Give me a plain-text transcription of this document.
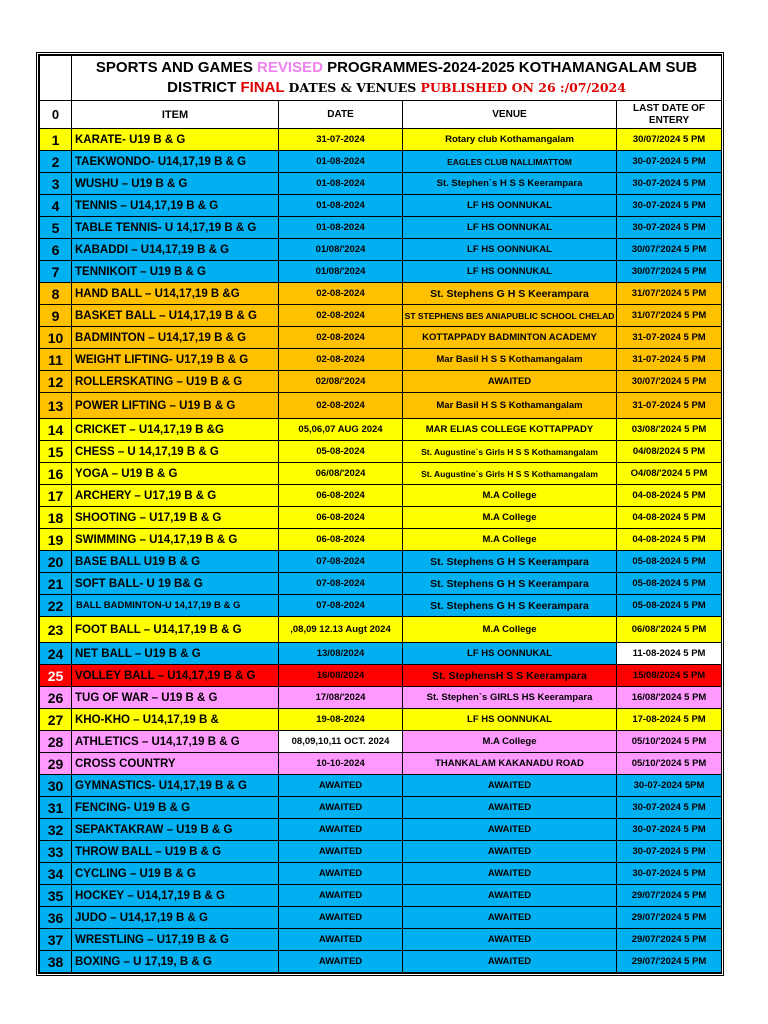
	SPORTS AND GAMES REVISED PROGRAMMES-2024-2025 KOTHAMANGALAM SUB
DISTRICT FINAL DATES & VENUES PUBLISHED ON 26 :/07/2024			
0	ITEM	DATE	VENUE	LAST DATE OF ENTERY
1	KARATE- U19 B & G	31-07-2024	Rotary club Kothamangalam	30/07/2024 5 PM
2	TAEKWONDO- U14,17,19 B & G	01-08-2024	EAGLES CLUB NALLIMATTOM	30-07-2024 5 PM
3	WUSHU – U19 B & G	01-08-2024	St. Stephen`s H S S Keerampara	30-07-2024 5 PM
4	TENNIS – U14,17,19 B & G	01-08-2024	LF HS OONNUKAL	30-07-2024 5 PM
5	TABLE TENNIS- U 14,17,19 B & G	01-08-2024	LF HS OONNUKAL	30-07-2024 5 PM
6	KABADDI – U14,17,19 B & G	01/08/'2024	LF HS OONNUKAL	30/07/'2024 5 PM
7	TENNIKOIT – U19 B & G	01/08/'2024	LF HS OONNUKAL	30/07/'2024 5 PM
8	HAND BALL – U14,17,19 B &G	02-08-2024	St. Stephens G H S Keerampara	31/07/'2024 5 PM
9	BASKET BALL – U14,17,19 B & G	02-08-2024	ST STEPHENS BES ANIAPUBLIC SCHOOL CHELAD	31/07/'2024 5 PM
10	BADMINTON – U14,17,19 B & G	02-08-2024	KOTTAPPADY BADMINTON ACADEMY	31-07-2024 5 PM
11	WEIGHT LIFTING- U17,19 B & G	02-08-2024	Mar Basil H S S Kothamangalam	31-07-2024 5 PM
12	ROLLERSKATING – U19 B & G	02/08/'2024	AWAITED	30/07/'2024 5 PM
13	POWER LIFTING – U19 B & G	02-08-2024	Mar Basil H S S Kothamangalam	31-07-2024 5 PM
14	CRICKET – U14,17,19 B &G	05,06,07 AUG 2024	MAR ELIAS COLLEGE KOTTAPPADY	03/08/'2024 5 PM
15	CHESS – U 14,17,19 B & G	05-08-2024	St. Augustine`s Girls H S S Kothamangalam	04/08/2024 5 PM
16	YOGA – U19 B & G	06/08/'2024	St. Augustine`s Girls H S S Kothamangalam	O4/08/'2024 5 PM
17	ARCHERY – U17,19 B & G	06-08-2024	M.A College	04-08-2024 5 PM
18	SHOOTING – U17,19 B & G	06-08-2024	M.A College	04-08-2024 5 PM
19	SWIMMING – U14,17,19 B & G	06-08-2024	M.A College	04-08-2024 5 PM
20	BASE BALL U19 B & G	07-08-2024	St. Stephens G H S Keerampara	05-08-2024 5 PM
21	SOFT BALL- U 19 B& G	07-08-2024	St. Stephens G H S Keerampara	05-08-2024 5 PM
22	BALL BADMINTON-U 14,17,19 B & G	07-08-2024	St. Stephens G H S Keerampara	05-08-2024 5 PM
23	FOOT BALL – U14,17,19 B & G	,08,09 12.13 Augt 2024	M.A College	06/08/'2024 5 PM
24	NET BALL – U19 B & G	13/08/2024	LF HS OONNUKAL	11-08-2024 5 PM
25	VOLLEY BALL – U14,17,19 B & G	16/08/2024	St. StephensH S S Keerampara	15/08/2024 5 PM
26	TUG OF WAR – U19 B & G	17/08/'2024	St. Stephen`s GIRLS HS Keerampara	16/08/'2024 5 PM
27	KHO-KHO – U14,17,19 B &	19-08-2024	LF HS OONNUKAL	17-08-2024 5 PM
28	ATHLETICS – U14,17,19 B & G	08,09,10,11 OCT. 2024	M.A College	05/10/'2024 5 PM
29	CROSS COUNTRY	10-10-2024	THANKALAM KAKANADU ROAD	05/10/'2024 5 PM
30	GYMNASTICS- U14,17,19 B & G	AWAITED	AWAITED	30-07-2024 5PM
31	FENCING- U19 B & G	AWAITED	AWAITED	30-07-2024 5 PM
32	SEPAKTAKRAW – U19 B & G	AWAITED	AWAITED	30-07-2024 5 PM
33	THROW BALL – U19 B & G	AWAITED	AWAITED	30-07-2024 5 PM
34	CYCLING – U19 B & G	AWAITED	AWAITED	30-07-2024 5 PM
35	HOCKEY – U14,17,19 B & G	AWAITED	AWAITED	29/07/'2024 5 PM
36	JUDO – U14,17,19 B & G	AWAITED	AWAITED	29/07/'2024 5 PM
37	WRESTLING – U17,19 B & G	AWAITED	AWAITED	29/07/'2024 5 PM
38	BOXING – U 17,19, B & G	AWAITED	AWAITED	29/07/'2024 5 PM
